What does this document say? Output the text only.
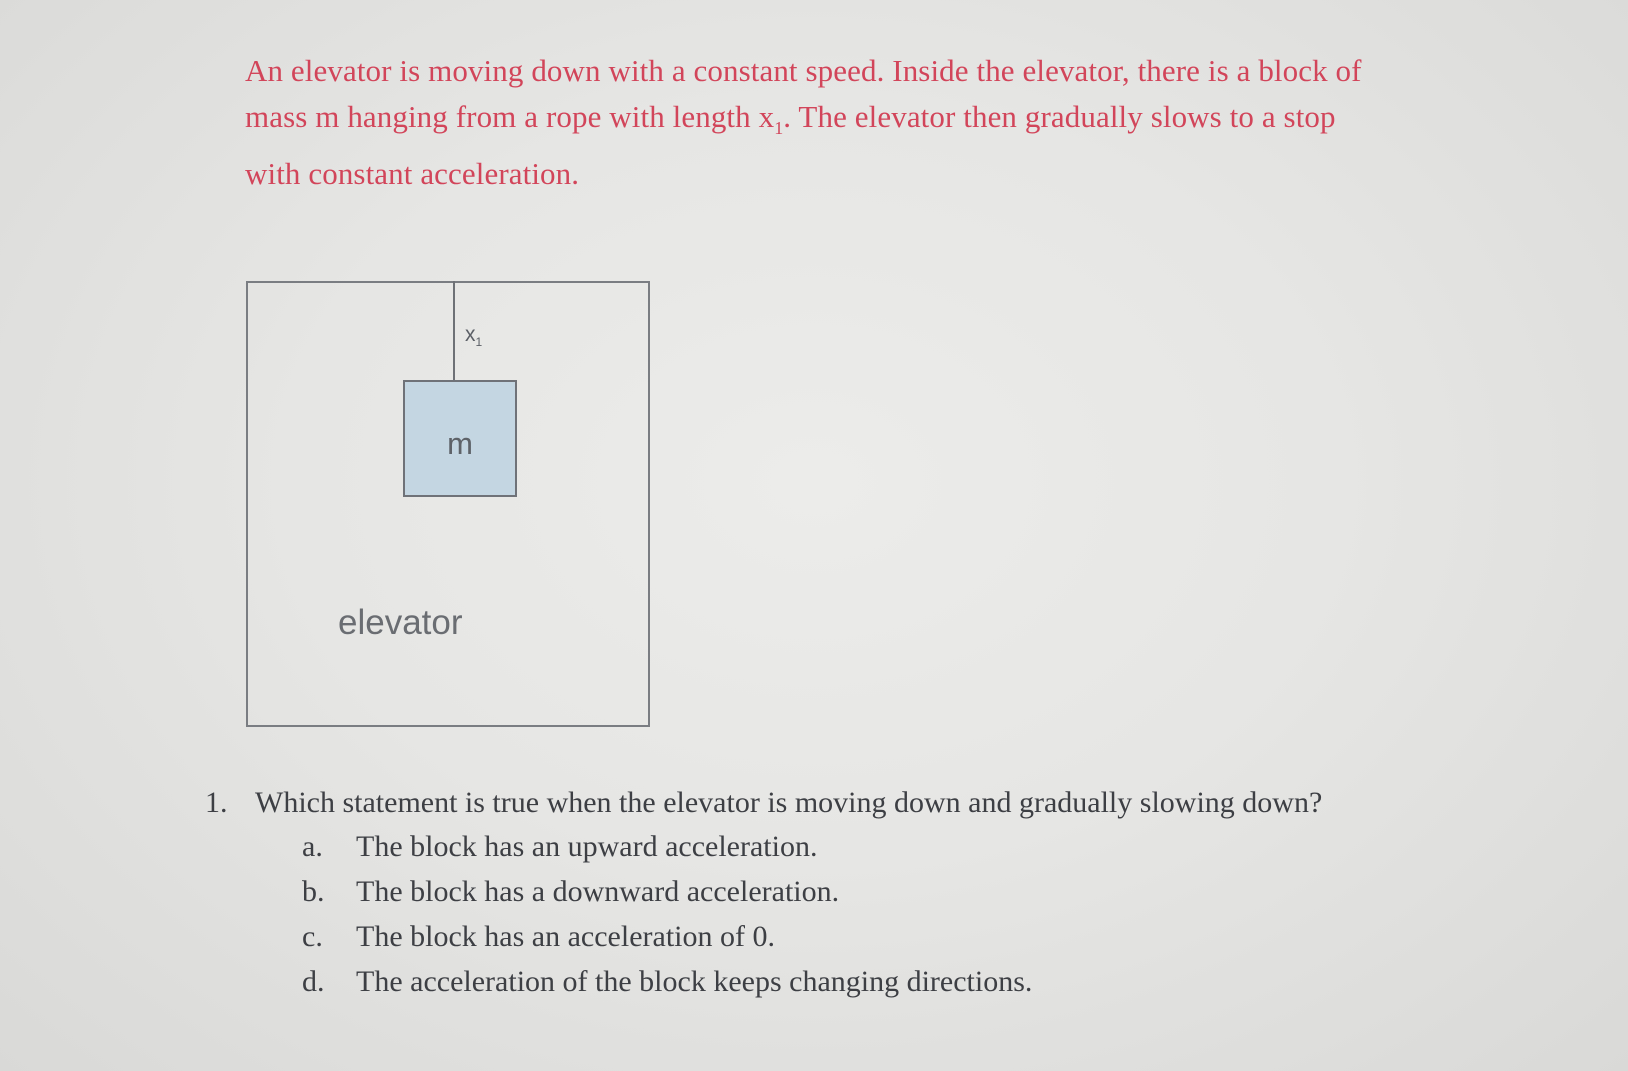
An elevator is moving down with a constant speed. Inside the elevator, there is a block of

mass m hanging from a rope with length $x_1$. The elevator then gradually slows to a stop

with constant acceleration.

$x_1$
m
elevator
1. Which statement is true when the elevator is moving down and gradually slowing down?
a. The block has an upward acceleration.
b. The block has a downward acceleration.
c. The block has an acceleration of 0.
d. The acceleration of the block keeps changing directions.
